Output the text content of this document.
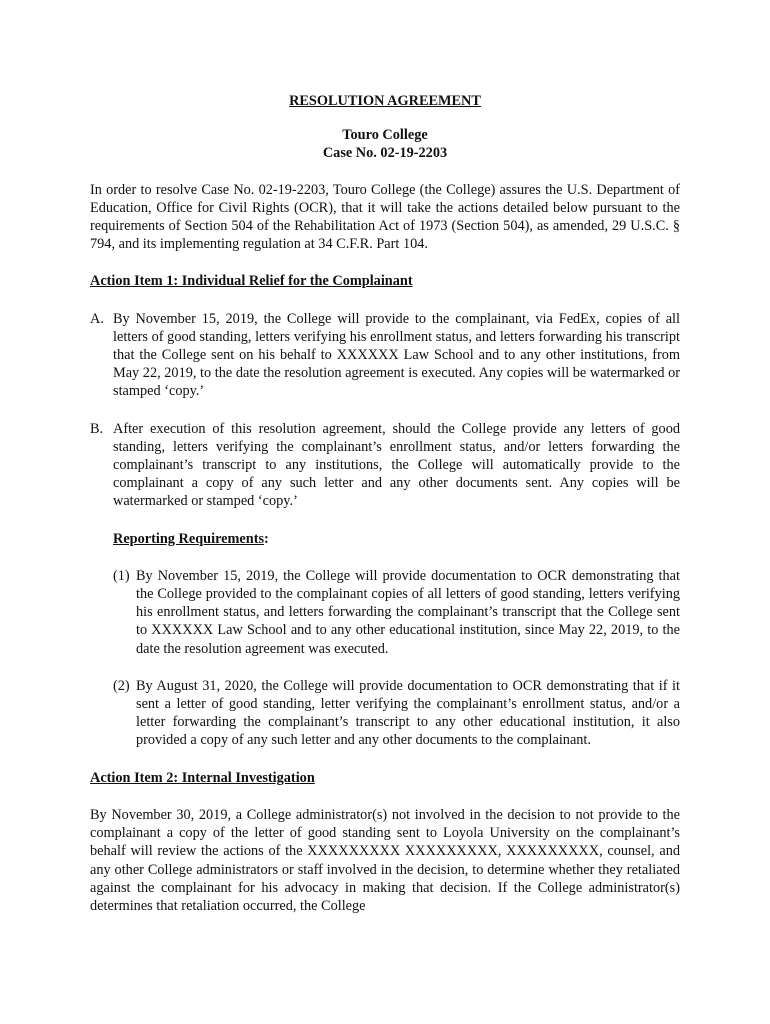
RESOLUTION AGREEMENT
Touro College
Case No. 02-19-2203

In order to resolve Case No. 02-19-2203, Touro College (the College) assures the U.S. Department of Education, Office for Civil Rights (OCR), that it will take the actions detailed below pursuant to the requirements of Section 504 of the Rehabilitation Act of 1973 (Section 504), as amended, 29 U.S.C. § 794, and its implementing regulation at 34 C.F.R. Part 104.

Action Item 1: Individual Relief for the Complainant
A. By November 15, 2019, the College will provide to the complainant, via FedEx, copies of all letters of good standing, letters verifying his enrollment status, and letters forwarding his transcript that the College sent on his behalf to XXXXXX Law School and to any other institutions, from May 22, 2019, to the date the resolution agreement is executed. Any copies will be watermarked or stamped ‘copy.’
B. After execution of this resolution agreement, should the College provide any letters of good standing, letters verifying the complainant’s enrollment status, and/or letters forwarding the complainant’s transcript to any institutions, the College will automatically provide to the complainant a copy of any such letter and any other documents sent. Any copies will be watermarked or stamped ‘copy.’
Reporting Requirements:
(1) By November 15, 2019, the College will provide documentation to OCR demonstrating that the College provided to the complainant copies of all letters of good standing, letters verifying his enrollment status, and letters forwarding the complainant’s transcript that the College sent to XXXXXX Law School and to any other educational institution, since May 22, 2019, to the date the resolution agreement was executed.
(2) By August 31, 2020, the College will provide documentation to OCR demonstrating that if it sent a letter of good standing, letter verifying the complainant’s enrollment status, and/or a letter forwarding the complainant’s transcript to any other educational institution, it also provided a copy of any such letter and any other documents to the complainant.
Action Item 2: Internal Investigation

By November 30, 2019, a College administrator(s) not involved in the decision to not provide to the complainant a copy of the letter of good standing sent to Loyola University on the complainant’s behalf will review the actions of the XXXXXXXXX XXXXXXXXX, XXXXXXXXX, counsel, and any other College administrators or staff involved in the decision, to determine whether they retaliated against the complainant for his advocacy in making that decision. If the College administrator(s) determines that retaliation occurred, the College
